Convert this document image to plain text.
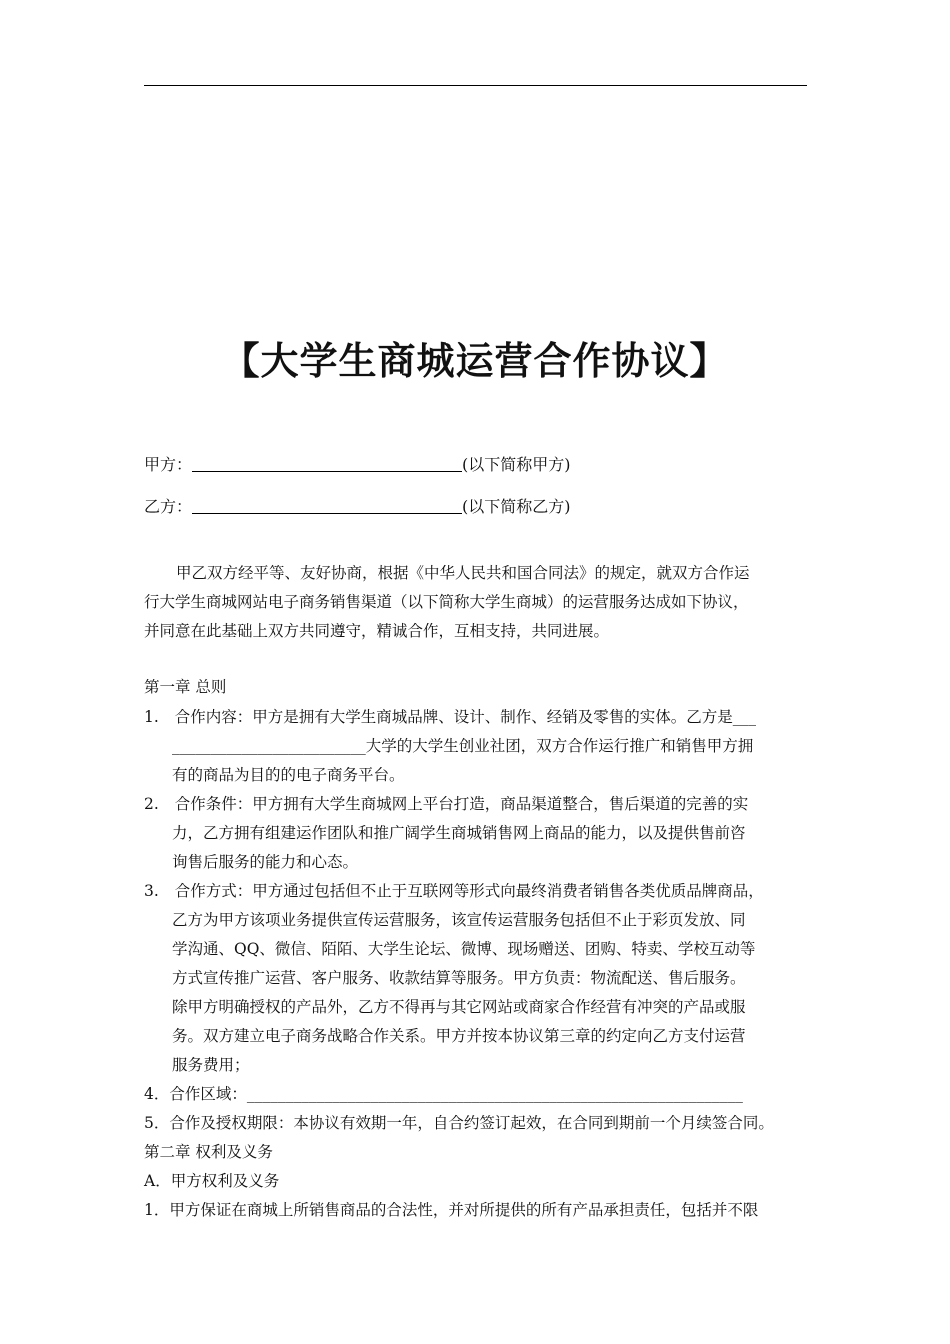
【大学生商城运营合作协议】
甲方：	(以下简称甲方)
乙方：	(以下简称乙方)
甲乙双方经平等、友好协商，根据《中华人民共和国合同法》的规定，就双方合作运
行大学生商城网站电子商务销售渠道（以下简称大学生商城）的运营服务达成如下协议，
并同意在此基础上双方共同遵守，精诚合作，互相支持，共同进展。
第一章 总则
1. 合作内容：甲方是拥有大学生商城品牌、设计、制作、经销及零售的实体。乙方是___
_________________________大学的大学生创业社团，双方合作运行推广和销售甲方拥
有的商品为目的的电子商务平台。
2. 合作条件：甲方拥有大学生商城网上平台打造，商品渠道整合，售后渠道的完善的实
力，乙方拥有组建运作团队和推广阔学生商城销售网上商品的能力，以及提供售前咨
询售后服务的能力和心态。
3. 合作方式：甲方通过包括但不止于互联网等形式向最终消费者销售各类优质品牌商品，
乙方为甲方该项业务提供宣传运营服务，该宣传运营服务包括但不止于彩页发放、同
学沟通、QQ、微信、陌陌、大学生论坛、微博、现场赠送、团购、特卖、学校互动等
方式宣传推广运营、客户服务、收款结算等服务。甲方负责：物流配送、售后服务。
除甲方明确授权的产品外，乙方不得再与其它网站或商家合作经营有冲突的产品或服
务。双方建立电子商务战略合作关系。甲方并按本协议第三章的约定向乙方支付运营
服务费用；
4．合作区域：________________________________________________________________
5．合作及授权期限：本协议有效期一年，自合约签订起效，在合同到期前一个月续签合同。
第二章 权利及义务
A．甲方权利及义务
1．甲方保证在商城上所销售商品的合法性，并对所提供的所有产品承担责任，包括并不限
